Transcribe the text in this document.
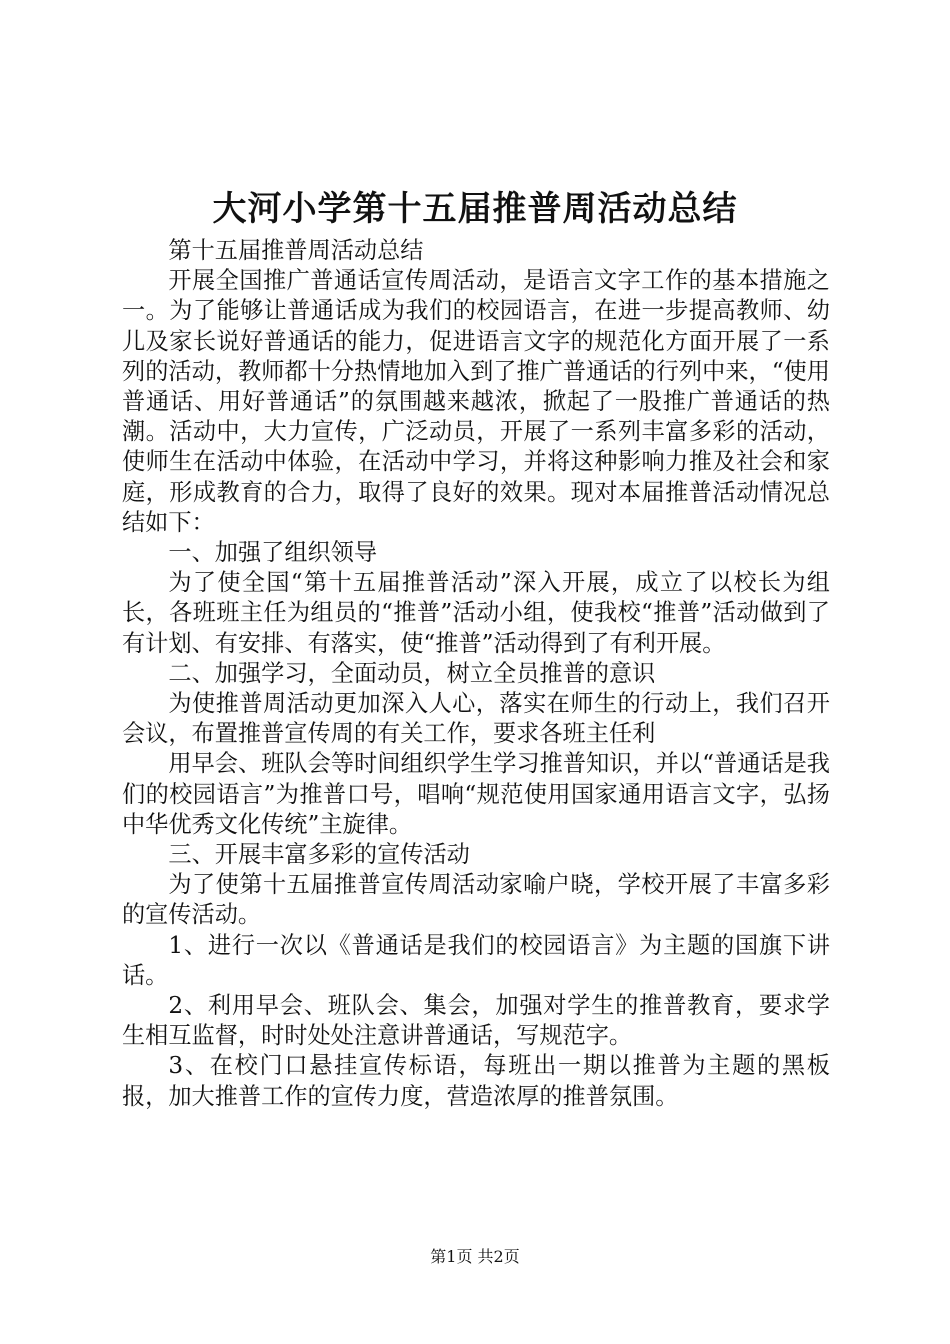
大河小学第十五届推普周活动总结

第十五届推普周活动总结

开展全国推广普通话宣传周活动，是语言文字工作的基本措施之一。为了能够让普通话成为我们的校园语言，在进一步提高教师、幼儿及家长说好普通话的能力，促进语言文字的规范化方面开展了一系列的活动，教师都十分热情地加入到了推广普通话的行列中来，“使用普通话、用好普通话”的氛围越来越浓，掀起了一股推广普通话的热潮。活动中，大力宣传，广泛动员，开展了一系列丰富多彩的活动，使师生在活动中体验，在活动中学习，并将这种影响力推及社会和家庭，形成教育的合力，取得了良好的效果。现对本届推普活动情况总结如下：

一、加强了组织领导

为了使全国“第十五届推普活动”深入开展，成立了以校长为组长，各班班主任为组员的“推普”活动小组，使我校“推普”活动做到了有计划、有安排、有落实，使“推普”活动得到了有利开展。

二、加强学习，全面动员，树立全员推普的意识

为使推普周活动更加深入人心，落实在师生的行动上，我们召开会议，布置推普宣传周的有关工作，要求各班主任利

用早会、班队会等时间组织学生学习推普知识，并以“普通话是我们的校园语言”为推普口号，唱响“规范使用国家通用语言文字，弘扬中华优秀文化传统”主旋律。

三、开展丰富多彩的宣传活动

为了使第十五届推普宣传周活动家喻户晓，学校开展了丰富多彩的宣传活动。

1、进行一次以《普通话是我们的校园语言》为主题的国旗下讲话。

2、利用早会、班队会、集会，加强对学生的推普教育，要求学生相互监督，时时处处注意讲普通话，写规范字。

3、在校门口悬挂宣传标语，每班出一期以推普为主题的黑板报，加大推普工作的宣传力度，营造浓厚的推普氛围。

第1页 共2页
